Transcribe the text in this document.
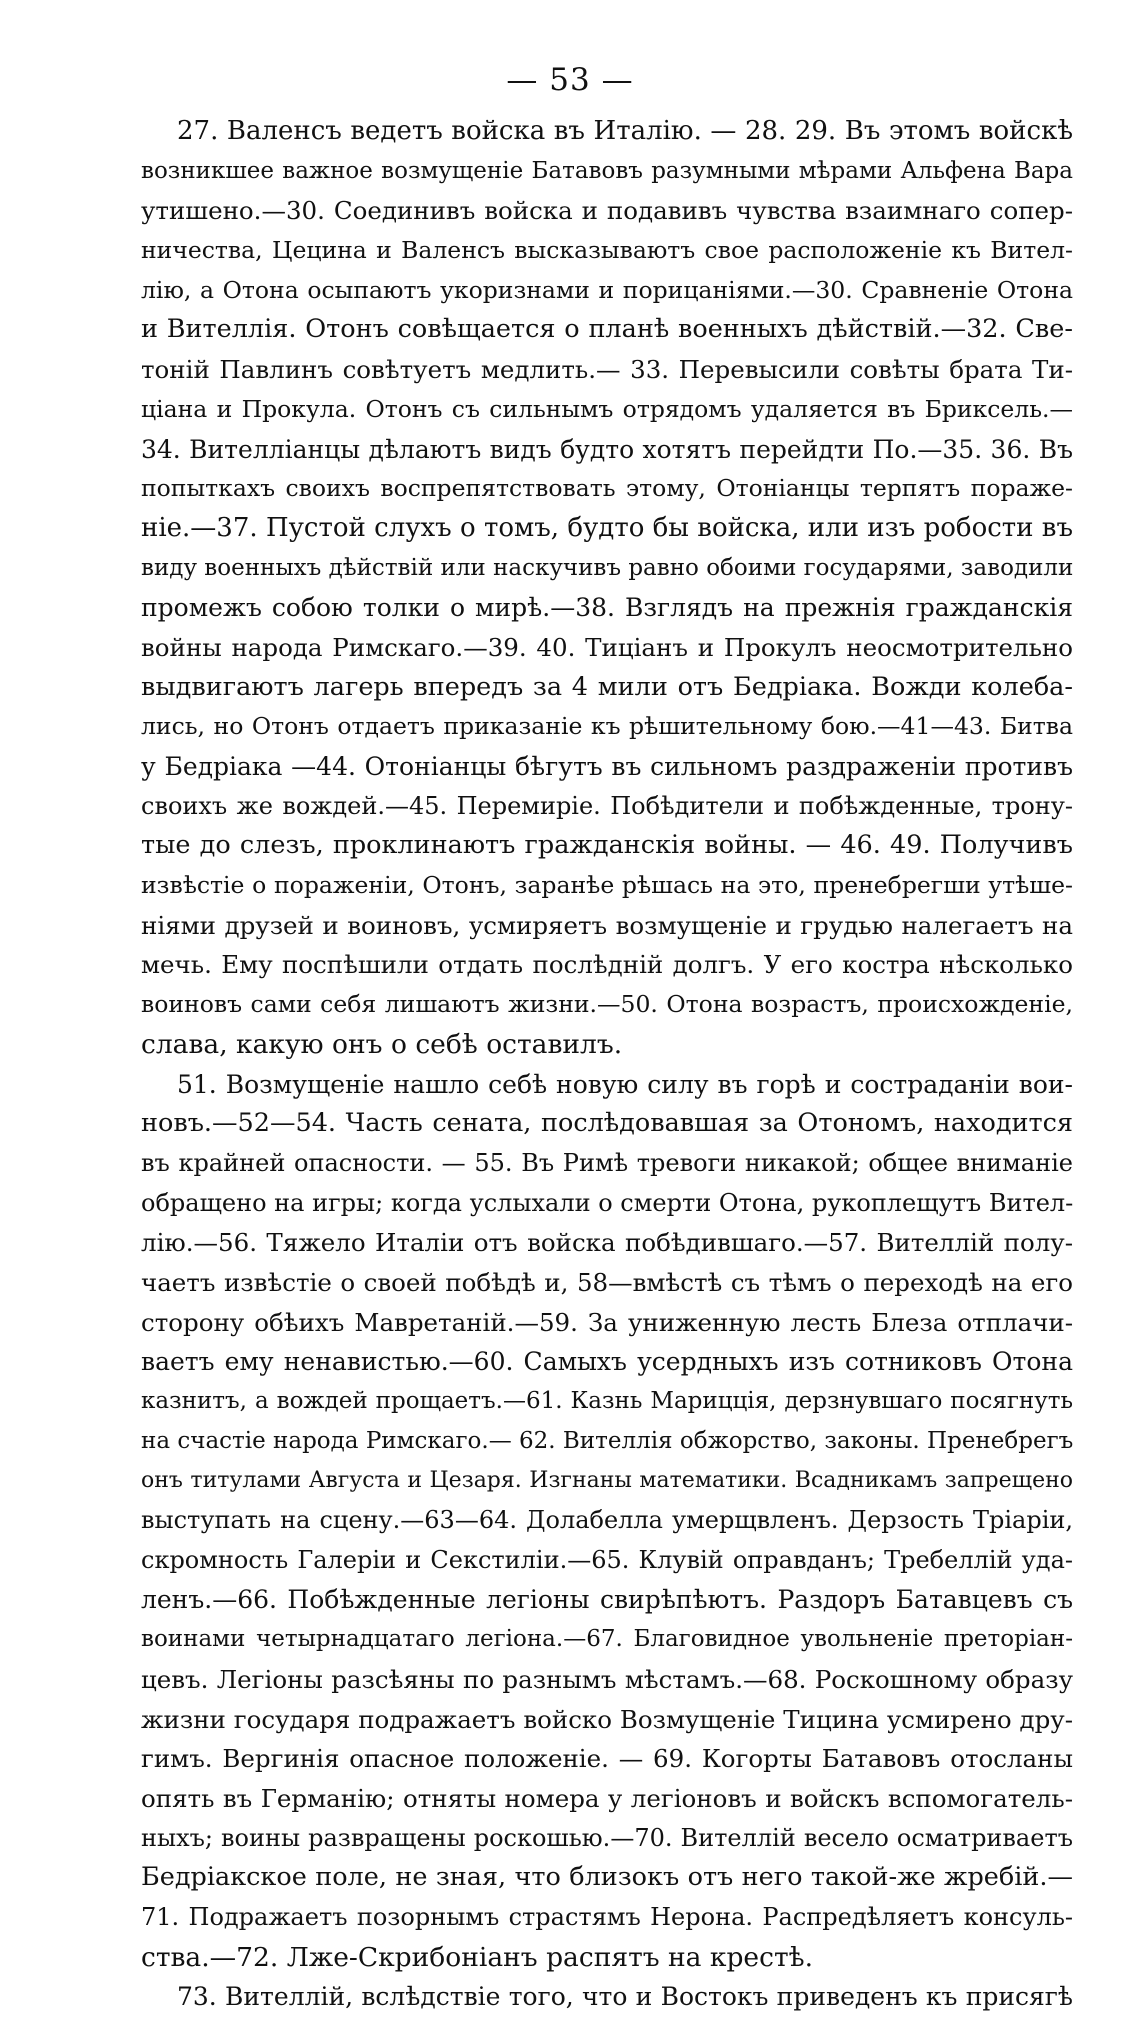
— 53 —
27. Валенсъ ведетъ войска въ Италію. — 28. 29. Въ этомъ войскѣ
возникшее важное возмущеніе Батавовъ разумными мѣрами Альфена Вара
утишено.—30. Соединивъ войска и подавивъ чувства взаимнаго сопер-
ничества, Цецина и Валенсъ высказываютъ свое расположеніе къ Вител-
лію, а Отона осыпаютъ укоризнами и порицаніями.—30. Сравненіе Отона
и Вителлія. Отонъ совѣщается о планѣ военныхъ дѣйствій.—32. Све-
тоній Павлинъ совѣтуетъ медлить.— 33. Перевысили совѣты брата Ти-
ціана и Прокула. Отонъ съ сильнымъ отрядомъ удаляется въ Бриксель.—
34. Вителліанцы дѣлаютъ видъ будто хотятъ перейдти По.—35. 36. Въ
попыткахъ своихъ воспрепятствовать этому, Отоніанцы терпятъ пораже-
ніе.—37. Пустой слухъ о томъ, будто бы войска, или изъ робости въ
виду военныхъ дѣйствій или наскучивъ равно обоими государями, заводили
промежъ собою толки о мирѣ.—38. Взглядъ на прежнія гражданскія
войны народа Римскаго.—39. 40. Тиціанъ и Прокулъ неосмотрительно
выдвигаютъ лагерь впередъ за 4 мили отъ Бедріака. Вожди колеба-
лись, но Отонъ отдаетъ приказаніе къ рѣшительному бою.—41—43. Битва
у Бедріака —44. Отоніанцы бѣгутъ въ сильномъ раздраженіи противъ
своихъ же вождей.—45. Перемиріе. Побѣдители и побѣжденные, трону-
тые до слезъ, проклинаютъ гражданскія войны. — 46. 49. Получивъ
извѣстіе о пораженіи, Отонъ, заранѣе рѣшась на это, пренебрегши утѣше-
ніями друзей и воиновъ, усмиряетъ возмущеніе и грудью налегаетъ на
мечь. Ему поспѣшили отдать послѣдній долгъ. У его костра нѣсколько
воиновъ сами себя лишаютъ жизни.—50. Отона возрастъ, происхожденіе,
слава, какую онъ о себѣ оставилъ.
51. Возмущеніе нашло себѣ новую силу въ горѣ и состраданіи вои-
новъ.—52—54. Часть сената, послѣдовавшая за Отономъ, находится
въ крайней опасности. — 55. Въ Римѣ тревоги никакой; общее вниманіе
обращено на игры; когда услыхали о смерти Отона, рукоплещутъ Вител-
лію.—56. Тяжело Италіи отъ войска побѣдившаго.—57. Вителлій полу-
чаетъ извѣстіе о своей побѣдѣ и, 58—вмѣстѣ съ тѣмъ о переходѣ на его
сторону обѣихъ Мавретаній.—59. За униженную лесть Блеза отплачи-
ваетъ ему ненавистью.—60. Самыхъ усердныхъ изъ сотниковъ Отона
казнитъ, а вождей прощаетъ.—61. Казнь Марицція, дерзнувшаго посягнуть
на счастіе народа Римскаго.— 62. Вителлія обжорство, законы. Пренебрегъ
онъ титулами Августа и Цезаря. Изгнаны математики. Всадникамъ запрещено
выступать на сцену.—63—64. Долабелла умерщвленъ. Дерзость Тріаріи,
скромность Галеріи и Секстиліи.—65. Клувій оправданъ; Требеллій уда-
ленъ.—66. Побѣжденные легіоны свирѣпѣютъ. Раздоръ Батавцевъ съ
воинами четырнадцатаго легіона.—67. Благовидное увольненіе преторіан-
цевъ. Легіоны разсѣяны по разнымъ мѣстамъ.—68. Роскошному образу
жизни государя подражаетъ войско Возмущеніе Тицина усмирено дру-
гимъ. Вергинія опасное положеніе. — 69. Когорты Батавовъ отосланы
опять въ Германію; отняты номера у легіоновъ и войскъ вспомогатель-
ныхъ; воины развращены роскошью.—70. Вителлій весело осматриваетъ
Бедріакское поле, не зная, что близокъ отъ него такой-же жребій.—
71. Подражаетъ позорнымъ страстямъ Нерона. Распредѣляетъ консуль-
ства.—72. Лже-Скрибоніанъ распятъ на крестѣ.
73. Вителлій, вслѣдствіе того, что и Востокъ приведенъ къ присягѣ
